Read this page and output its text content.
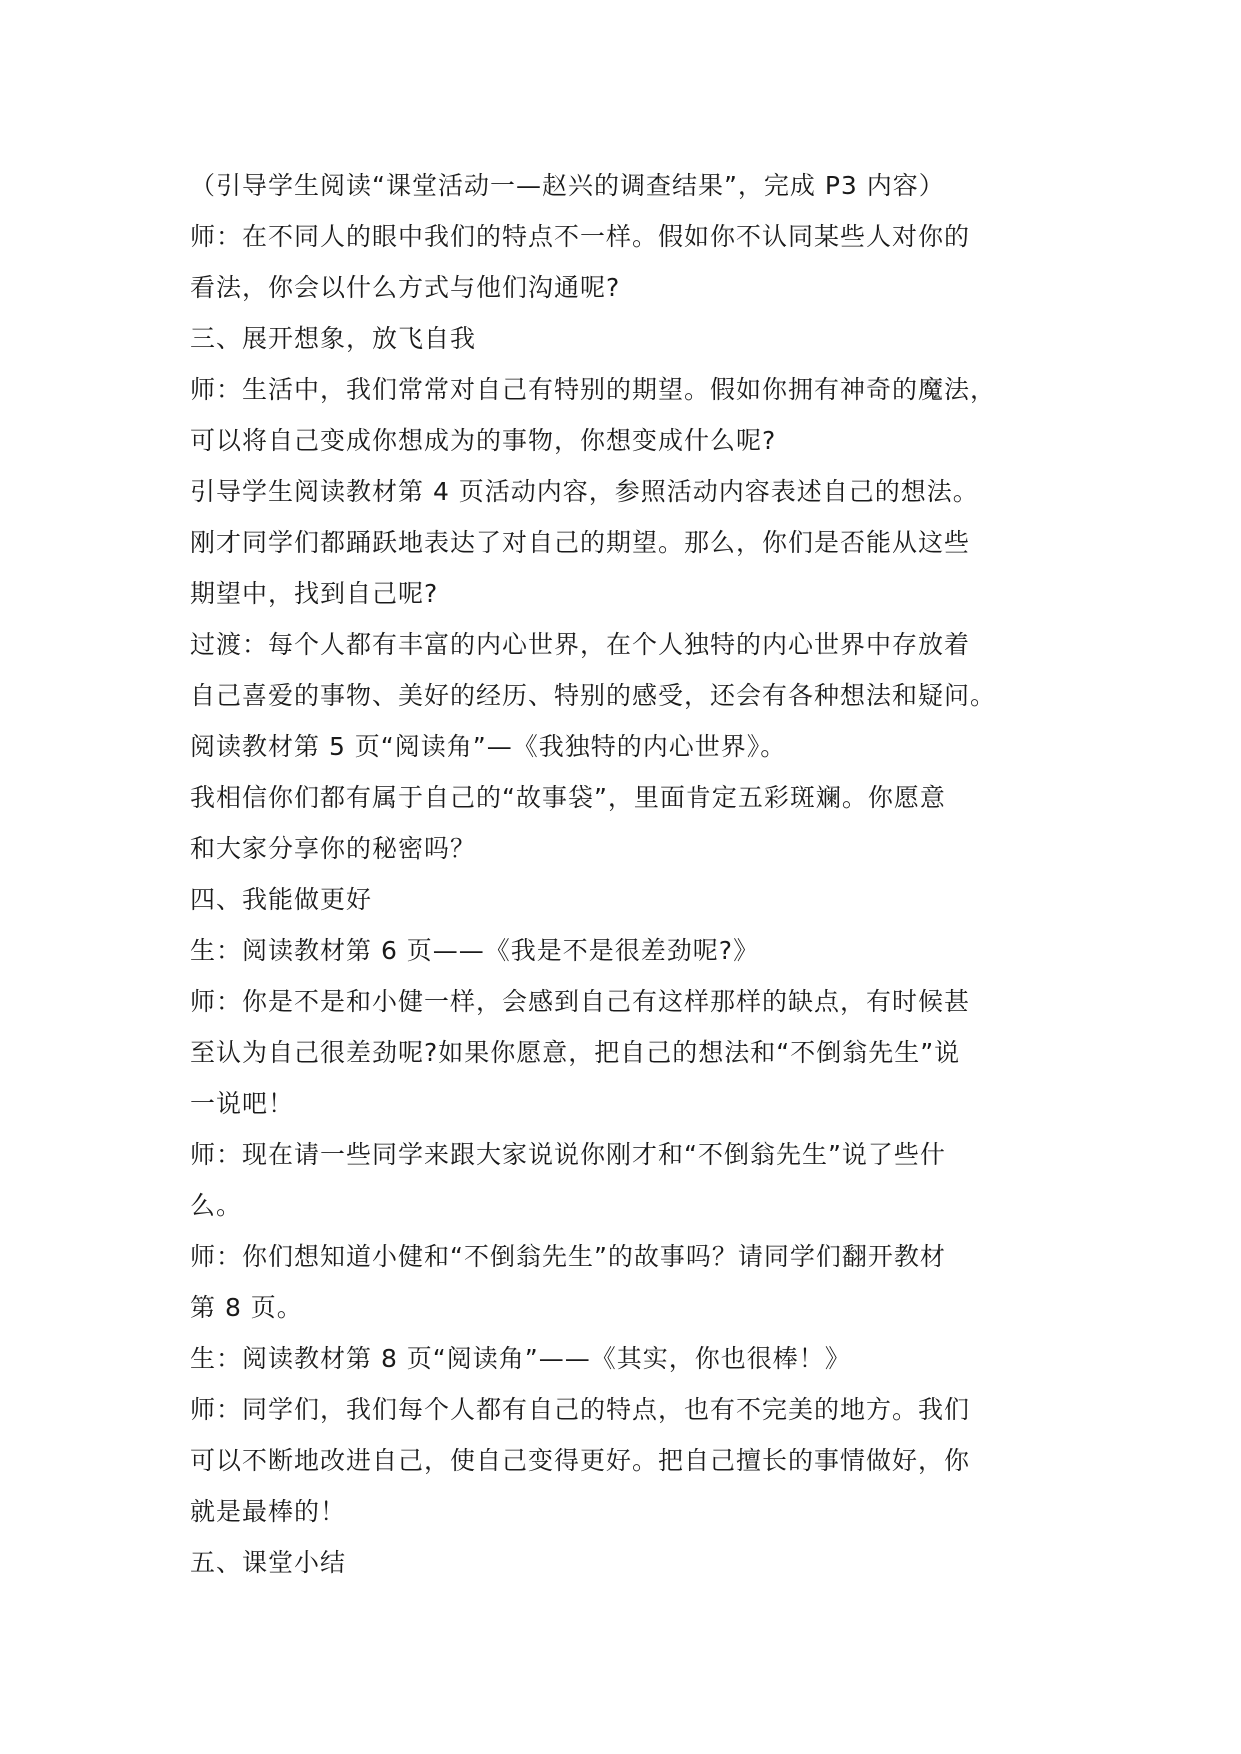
（引导学生阅读“课堂活动一—赵兴的调查结果”，完成 P3 内容）
师：在不同人的眼中我们的特点不一样。假如你不认同某些人对你的
看法，你会以什么方式与他们沟通呢?
三、展开想象，放飞自我
师：生活中，我们常常对自己有特别的期望。假如你拥有神奇的魔法，
可以将自己变成你想成为的事物，你想变成什么呢?
引导学生阅读教材第 4 页活动内容，参照活动内容表述自己的想法。
刚才同学们都踊跃地表达了对自己的期望。那么，你们是否能从这些
期望中，找到自己呢?
过渡：每个人都有丰富的内心世界，在个人独特的内心世界中存放着
自己喜爱的事物、美好的经历、特别的感受，还会有各种想法和疑问。
阅读教材第 5 页“阅读角”—《我独特的内心世界》。
我相信你们都有属于自己的“故事袋”，里面肯定五彩斑斓。你愿意
和大家分享你的秘密吗？
四、我能做更好
生：阅读教材第 6 页——《我是不是很差劲呢?》
师：你是不是和小健一样，会感到自己有这样那样的缺点，有时候甚
至认为自己很差劲呢?如果你愿意，把自己的想法和“不倒翁先生”说
一说吧！
师：现在请一些同学来跟大家说说你刚才和“不倒翁先生”说了些什
么。
师：你们想知道小健和“不倒翁先生”的故事吗？请同学们翻开教材
第 8 页。
生：阅读教材第 8 页“阅读角”——《其实，你也很棒！》
师：同学们，我们每个人都有自己的特点，也有不完美的地方。我们
可以不断地改进自己，使自己变得更好。把自己擅长的事情做好，你
就是最棒的！
五、课堂小结
